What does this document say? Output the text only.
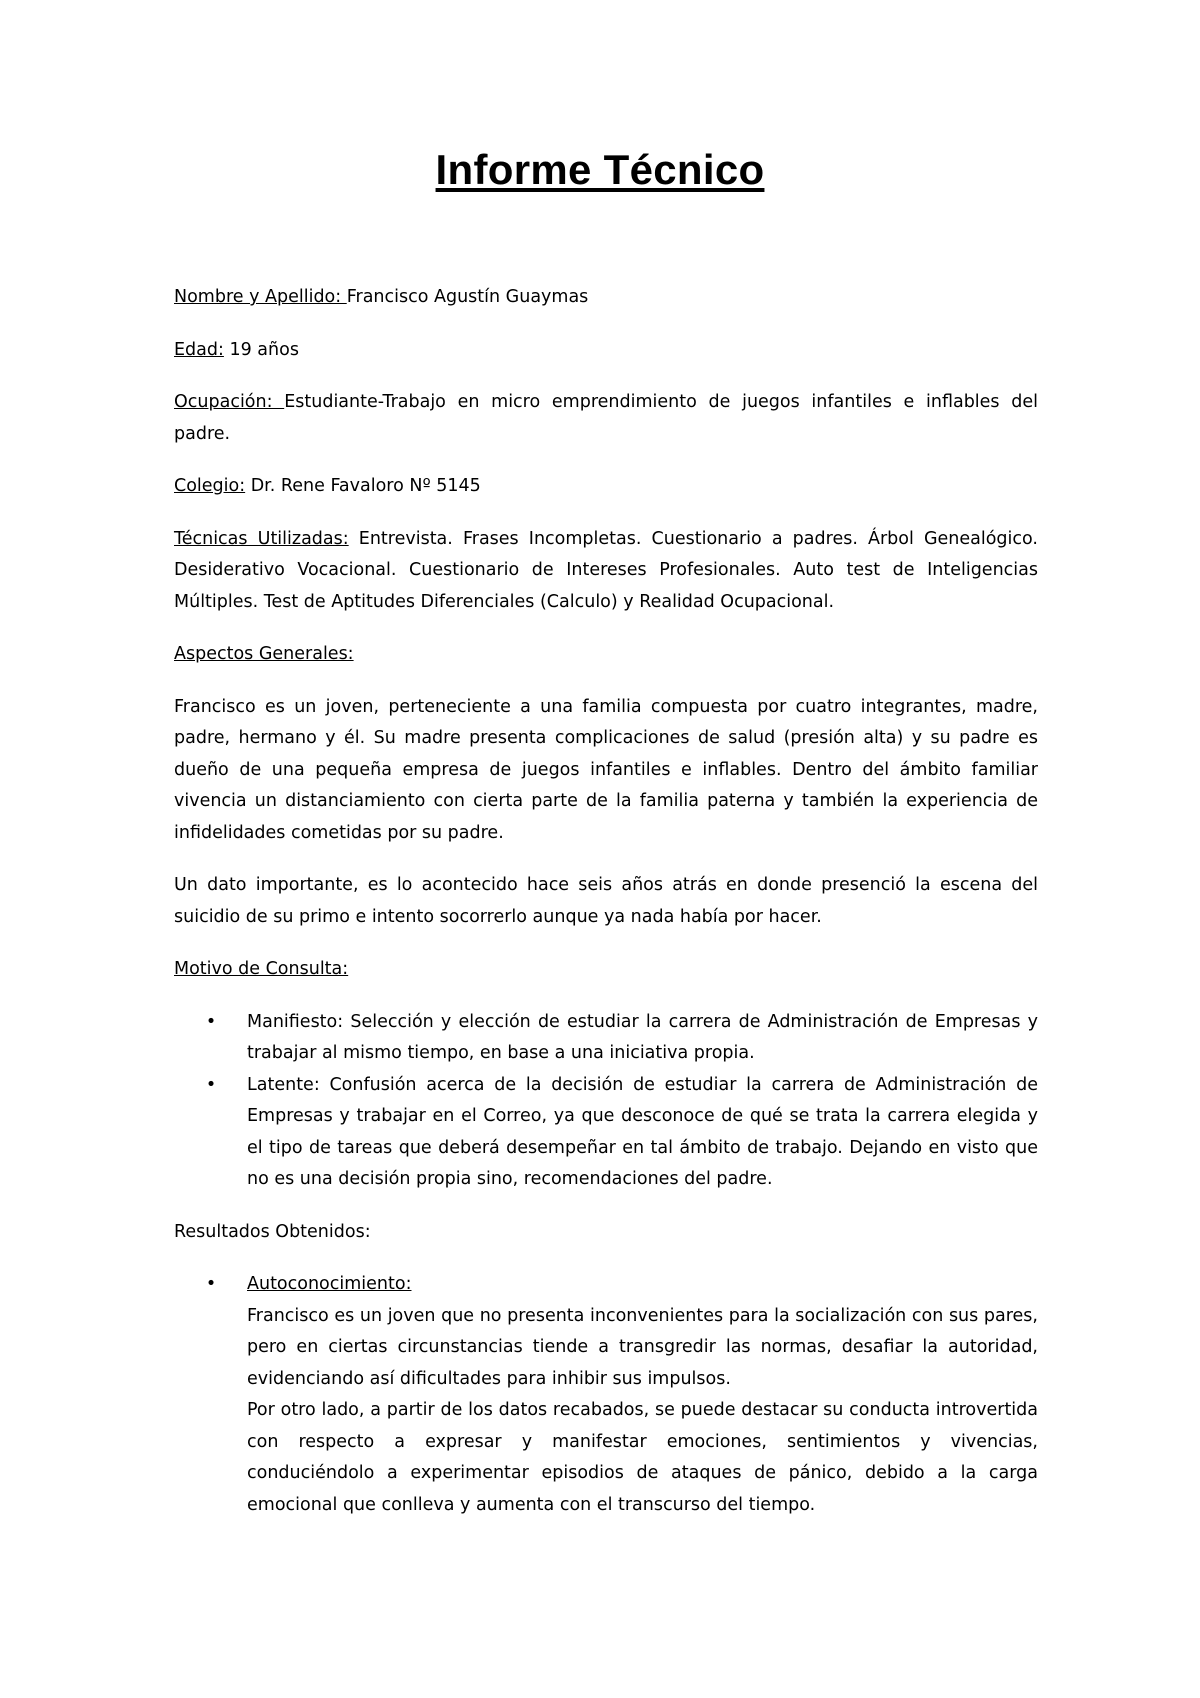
Informe Técnico

Nombre y Apellido: Francisco Agustín Guaymas

Edad: 19 años

Ocupación: Estudiante-Trabajo en micro emprendimiento de juegos infantiles e inflables del padre.

Colegio: Dr. Rene Favaloro Nº 5145

Técnicas Utilizadas: Entrevista. Frases Incompletas. Cuestionario a padres. Árbol Genealógico. Desiderativo Vocacional. Cuestionario de Intereses Profesionales. Auto test de Inteligencias Múltiples. Test de Aptitudes Diferenciales (Calculo) y Realidad Ocupacional.

Aspectos Generales:

Francisco es un joven, perteneciente a una familia compuesta por cuatro integrantes, madre, padre, hermano y él. Su madre presenta complicaciones de salud (presión alta) y su padre es dueño de una pequeña empresa de juegos infantiles e inflables. Dentro del ámbito familiar vivencia un distanciamiento con cierta parte de la familia paterna y también la experiencia de infidelidades cometidas por su padre.

Un dato importante, es lo acontecido hace seis años atrás en donde presenció la escena del suicidio de su primo e intento socorrerlo aunque ya nada había por hacer.

Motivo de Consulta:

• Manifiesto: Selección y elección de estudiar la carrera de Administración de Empresas y trabajar al mismo tiempo, en base a una iniciativa propia.
• Latente: Confusión acerca de la decisión de estudiar la carrera de Administración de Empresas y trabajar en el Correo, ya que desconoce de qué se trata la carrera elegida y el tipo de tareas que deberá desempeñar en tal ámbito de trabajo. Dejando en visto que no es una decisión propia sino, recomendaciones del padre.

Resultados Obtenidos:

• Autoconocimiento:
Francisco es un joven que no presenta inconvenientes para la socialización con sus pares, pero en ciertas circunstancias tiende a transgredir las normas, desafiar la autoridad, evidenciando así dificultades para inhibir sus impulsos.
Por otro lado, a partir de los datos recabados, se puede destacar su conducta introvertida con respecto a expresar y manifestar emociones, sentimientos y vivencias, conduciéndolo a experimentar episodios de ataques de pánico, debido a la carga emocional que conlleva y aumenta con el transcurso del tiempo.
